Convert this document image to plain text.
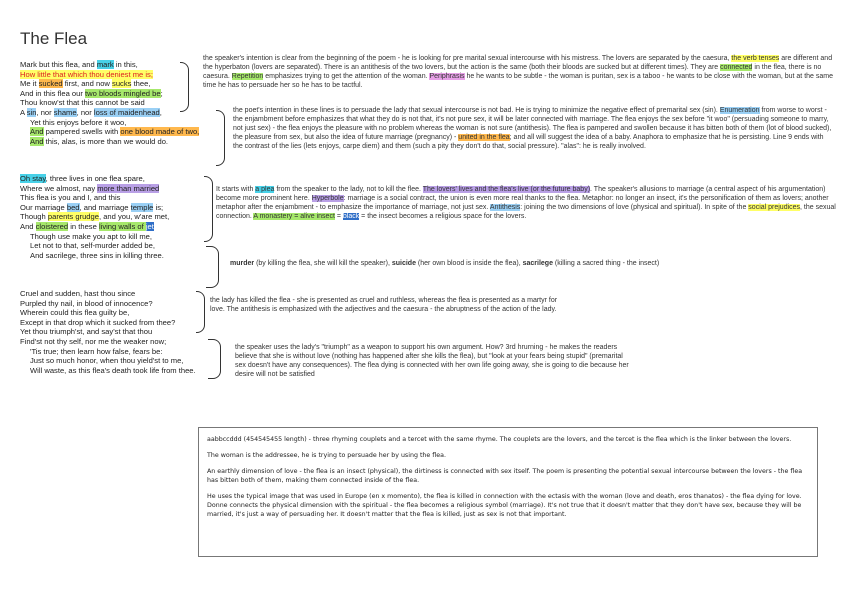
The Flea
Mark but this flea, and mark in this,
How little that which thou deniest me is;
Me it sucked first, and now sucks thee,
And in this flea our two bloods mingled be;
Thou know'st that this cannot be said
A sin, nor shame, nor loss of maidenhead,
Yet this enjoys before it woo,
And pampered swells with one blood made of two,
And this, alas, is more than we would do.
Oh stay, three lives in one flea spare,
Where we almost, nay more than married
This flea is you and I, and this
Our marriage bed, and marriage temple is;
Though parents grudge, and you, w'are met,
And cloistered in these living walls of jet
Though use make you apt to kill me,
Let not to that, self-murder added be,
And sacrilege, three sins in killing three.
Cruel and sudden, hast thou since
Purpled thy nail, in blood of innocence?
Wherein could this flea guilty be,
Except in that drop which it sucked from thee?
Yet thou triumph'st, and say'st that thou
Find'st not thy self, nor me the weaker now;
'Tis true; then learn how false, fears be:
Just so much honor, when thou yield'st to me,
Will waste, as this flea's death took life from thee.
the speaker's intention is clear from the beginning of the poem - he is looking for pre marital sexual intercourse with his mistress. The lovers are separated by the caesura, the verb tenses are different and the hyperbaton (lovers are separated). There is an antithesis of the two lovers, but the action is the same (both their bloods are sucked but at different times). They are connected in the flea, there is no caesura. Repetition emphasizes trying to get the attention of the woman. Periphrasis he he wants to be subtle - the woman is puritan, sex is a taboo - he wants to be close with the woman, but at the same time he has to persuade her so he has to be tactful.
the poet's intention in these lines is to persuade the lady that sexual intercourse is not bad. He is trying to minimize the negative effect of premarital sex (sin). Enumeration from worse to worst - the enjambment before emphasizes that what they do is not that, it's not pure sex, it will be later connected with marriage. The flea enjoys the sex before "it woo" (persuading someone to marry, not just sex) - the flea enjoys the pleasure with no problem whereas the woman is not sure (antithesis). The flea is pampered and swollen because it has bitten both of them (lot of blood sucked), the pleasure from sex, but also the idea of future marriage (pregnancy) - united in the flea; and all will suggest the idea of a baby. Anaphora to emphasize that he is persisting. Line 9 ends with the contrast of the lies (lets enjoys, carpe diem) and them (such a pity they don't do that, social pressure). "alas": he is really involved.
It starts with a plea from the speaker to the lady, not to kill the flee. The lovers' lives and the flea's live (or the future baby). The speaker's allusions to marriage (a central aspect of his argumentation) become more prominent here. Hyperbole: marriage is a social contract, the union is even more real thanks to the flea. Metaphor: no longer an insect, it's the personification of them as lovers; another metaphor after the enjambment - to emphasize the importance of marriage, not just sex. Antithesis: joining the two dimensions of love (physical and spiritual). In spite of the social prejudices, the sexual connection. A monastery = alive insect = black = the insect becomes a religious space for the lovers.
murder (by killing the flea, she will kill the speaker), suicide (her own blood is inside the flea), sacrilege (killing a sacred thing - the insect)
the lady has killed the flea - she is presented as cruel and ruthless, whereas the flea is presented as a martyr for love. The antithesis is emphasized with the adjectives and the caesura - the abruptness of the action of the lady.
the speaker uses the lady's "triumph" as a weapon to support his own argument. How? 3rd hrurning - he makes the readers believe that she is without love (nothing has happened after she kills the flea), but "look at your fears being stupid" (premarital sex doesn't have any consequences). The flea dying is connected with her own life going away, she is going to die because her desire will not be satisfied

aabbccddd (454545455 length) - three rhyming couplets and a tercet with the same rhyme. The couplets are the lovers, and the tercet is the flea which is the linker between the lovers.

The woman is the addressee, he is trying to persuade her by using the flea.

An earthly dimension of love - the flea is an insect (physical), the dirtiness is connected with sex itself. The poem is presenting the potential sexual intercourse between the lovers - the flea has bitten both of them, making them connected inside of the flea.

He uses the typical image that was used in Europe (en x momento), the flea is killed in connection with the ectasis with the woman (love and death, eros thanatos) - the flea dying for love. Donne connects the physical dimension with the spiritual - the flea becomes a religious symbol (marriage). It's not true that it doesn't matter that they don't have sex, because they will be married, it's just a way of persuading her. It doesn't matter that the flea is killed, just as sex is not that important.
